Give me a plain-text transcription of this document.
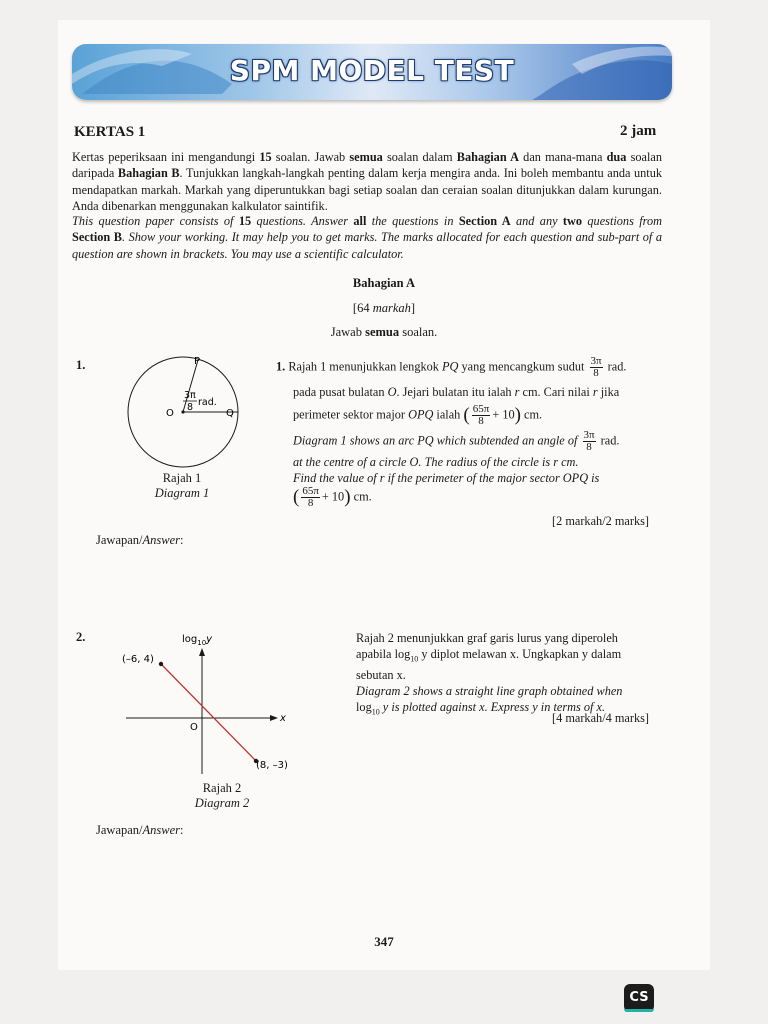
SPM MODEL TEST
KERTAS 1	2 jam
Kertas peperiksaan ini mengandungi 15 soalan. Jawab semua soalan dalam Bahagian A dan mana-mana dua soalan daripada Bahagian B. Tunjukkan langkah-langkah penting dalam kerja mengira anda. Ini boleh membantu anda untuk mendapatkan markah. Markah yang diperuntukkan bagi setiap soalan dan ceraian soalan ditunjukkan dalam kurungan. Anda dibenarkan menggunakan kalkulator saintifik.
This question paper consists of 15 questions. Answer all the questions in Section A and any two questions from Section B. Show your working. It may help you to get marks. The marks allocated for each question and sub-part of a question are shown in brackets. You may use a scientific calculator.
Bahagian A
[64 markah]
Jawab semua soalan.
1.	P
O	Q
3π
8 rad.
Rajah 1
Diagram 1
1. Rajah 1 menunjukkan lengkok PQ yang mencangkum sudut $\frac{3\pi}{8}$ rad.
pada pusat bulatan O. Jejari bulatan itu ialah r cm. Cari nilai r jika
perimeter sektor major OPQ ialah ( $\frac{65\pi}{8} + 10$) cm.
Diagram 1 shows an arc PQ which subtended an angle of $\frac{3\pi}{8}$ rad.
at the centre of a circle O. The radius of the circle is r cm.
Find the value of r if the perimeter of the major sector OPQ is
( $\frac{65\pi}{8} + 10$) cm.
[2 markah/2 marks]
Jawapan/Answer:
2.	$\log_{10}y$
x
O
(–6, 4)
(8, –3)
Rajah 2
Diagram 2
Rajah 2 menunjukkan graf garis lurus yang diperoleh
apabila $\log_{10} y$ diplot melawan x. Ungkapkan y dalam
sebutan x.
Diagram 2 shows a straight line graph obtained when
$\log_{10} y$ is plotted against x. Express y in terms of x.
[4 markah/4 marks]
Jawapan/Answer:
347
CS
